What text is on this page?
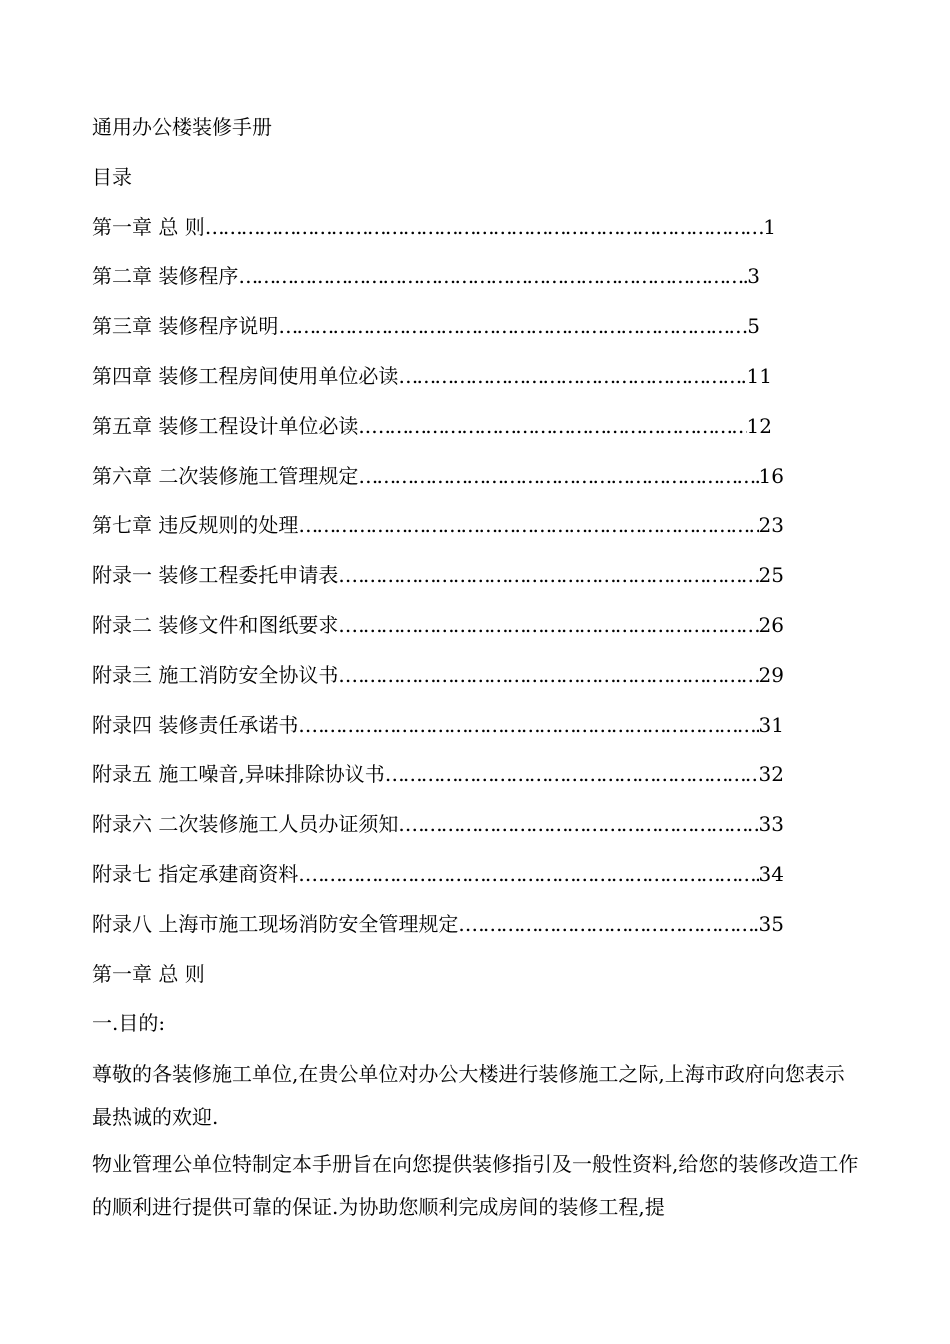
通用办公楼装修手册
目录
第一章 总 则 ……………………………………………………………………………………………………………………………………………………	1
第二章 装修程序 ……………………………………………………………………………………………………………………………………………………	3
第三章 装修程序说明 ……………………………………………………………………………………………………………………………………………………	5
第四章 装修工程房间使用单位必读 ……………………………………………………………………………………………………………………………………………………	11
第五章 装修工程设计单位必读.. ……………………………………………………………………………………………………………………………………………………	12
第六章 二次装修施工管理规定 ……………………………………………………………………………………………………………………………………………………	16
第七章 违反规则的处理 ……………………………………………………………………………………………………………………………………………………	23
附录一 装修工程委托申请表. ……………………………………………………………………………………………………………………………………………………	25
附录二 装修文件和图纸要求. ……………………………………………………………………………………………………………………………………………………	26
附录三 施工消防安全协议书. ……………………………………………………………………………………………………………………………………………………	29
附录四 装修责任承诺书. ……………………………………………………………………………………………………………………………………………………	31
附录五 施工噪音,异味排除协议书 ……………………………………………………………………………………………………………………………………………………	32
附录六 二次装修施工人员办证须知. ……………………………………………………………………………………………………………………………………………………	33
附录七 指定承建商资料. ……………………………………………………………………………………………………………………………………………………	34
附录八 上海市施工现场消防安全管理规定. ……………………………………………………………………………………………………………………………………………………	35
第一章 总 则
一.目的:
尊敬的各装修施工单位,在贵公单位对办公大楼进行装修施工之际,上海市政府向您表示最热诚的欢迎.
物业管理公单位特制定本手册旨在向您提供装修指引及一般性资料,给您的装修改造工作的顺利进行提供可靠的保证.为协助您顺利完成房间的装修工程,提
